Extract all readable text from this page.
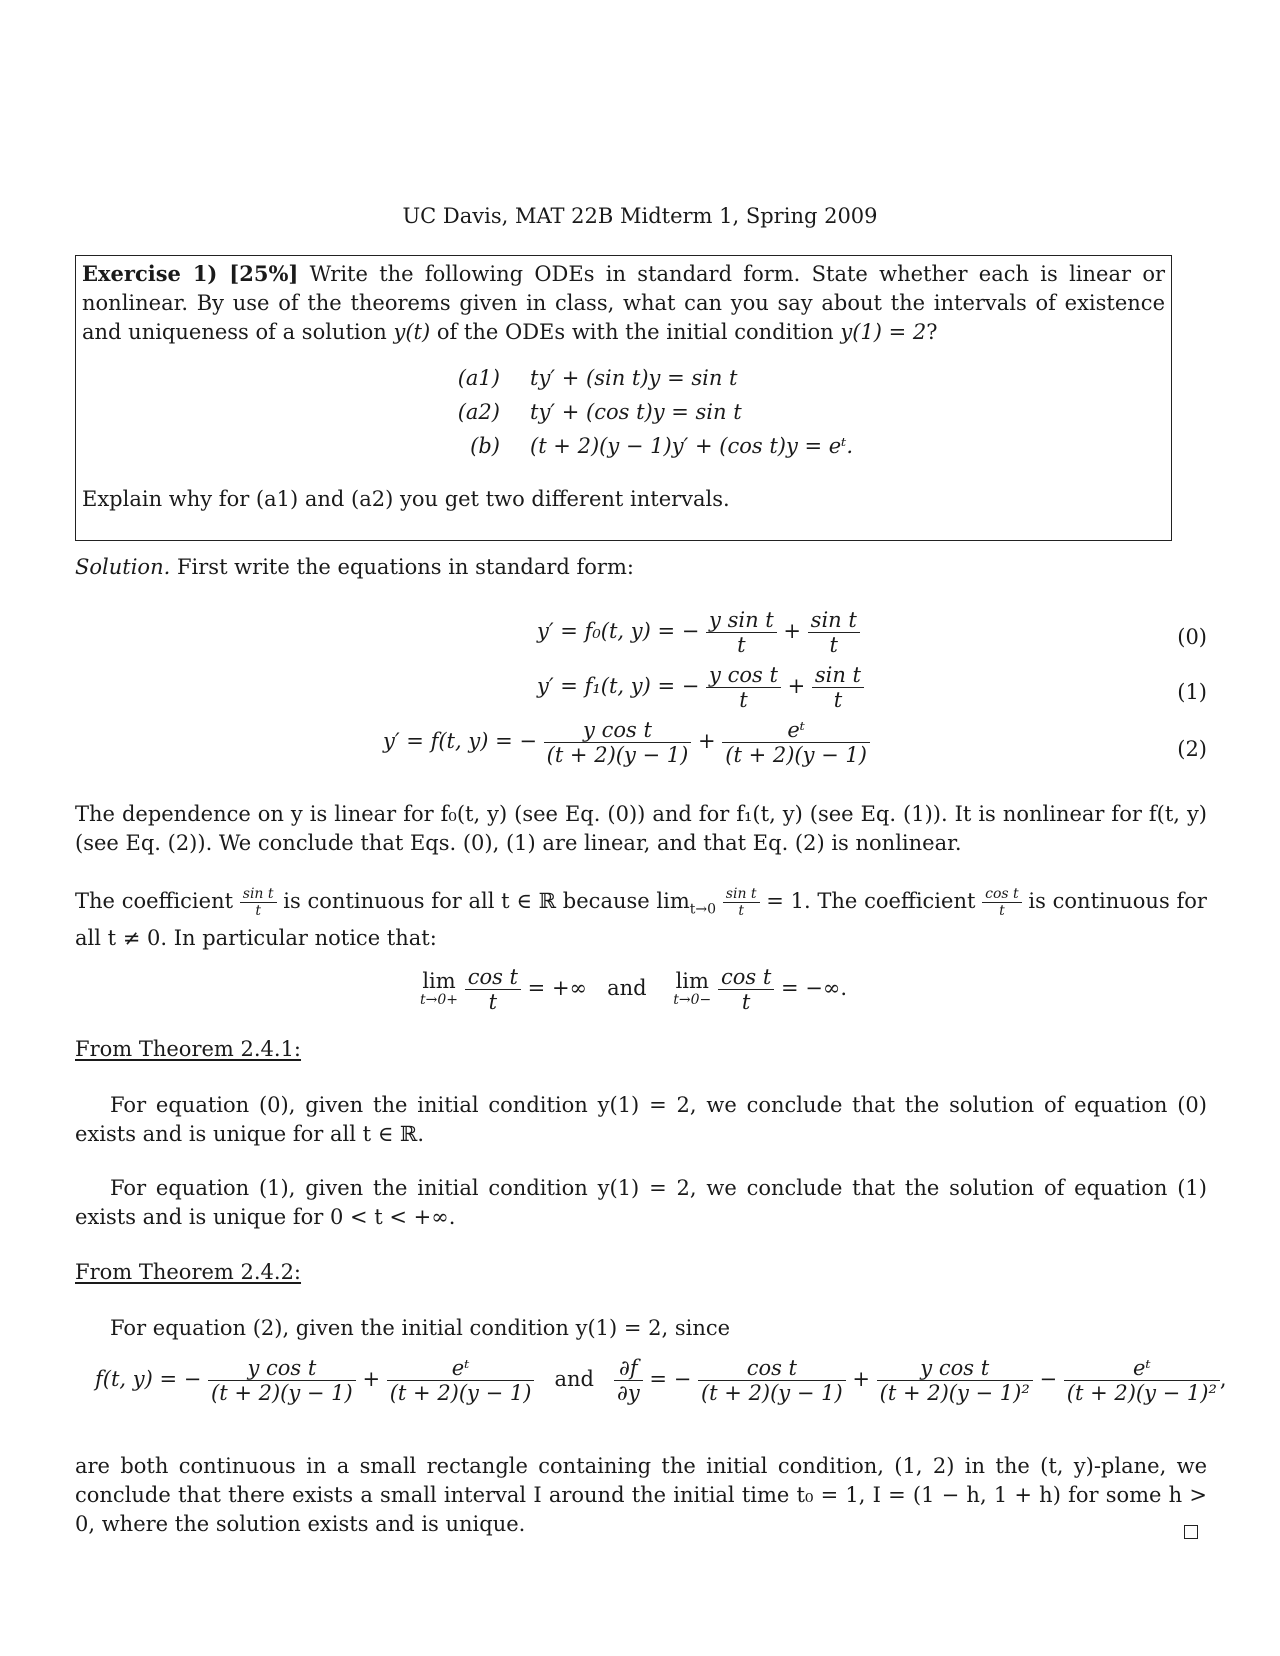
UC Davis, MAT 22B Midterm 1, Spring 2009

Exercise 1) [25%] Write the following ODEs in standard form. State whether each is linear or nonlinear. By use of the theorems given in class, what can you say about the intervals of existence and uniqueness of a solution y(t) of the ODEs with the initial condition y(1) = 2?

(a1)	ty′ + (sin t)y = sin t
(a2)	ty′ + (cos t)y = sin t
(b)	(t + 2)(y − 1)y′ + (cos t)y = eᵗ.
Explain why for (a1) and (a2) you get two different intervals.
Solution. First write the equations in standard form:
y′ = f₀(t, y) = − $\frac{\text{y sin t}}{t} + \frac{\text{sin t}}{t}$	(0)
y′ = f₁(t, y) = − $\frac{\text{y cos t}}{t} + \frac{\text{sin t}}{t}$	(1)
y′ = f(t, y) = − $\frac{\text{y cos t}}{(t + 2)(y - 1)} + \frac{\text{eᵗ}}{(t + 2)(y - 1)}$	(2)
The dependence on y is linear for f₀(t, y) (see Eq. (0)) and for f₁(t, y) (see Eq. (1)). It is nonlinear for f(t, y) (see Eq. (2)). We conclude that Eqs. (0), (1) are linear, and that Eq. (2) is nonlinear.
The coefficient $\frac{\text{sin t}}{t}$ is continuous for all t ∈ ℝ because $\lim_{t\to 0} \frac{\text{sin t}}{t} = 1$. The coefficient $\frac{\text{cos t}}{t}$ is continuous for all t ≠ 0. In particular notice that:
lim
t→0+
$\frac{\text{cos t}}{t}$ = +∞ and lim
t→0−
$\frac{\text{cos t}}{t}$ = −∞.
From Theorem 2.4.1:
For equation (0), given the initial condition y(1) = 2, we conclude that the solution of equation (0) exists and is unique for all t ∈ ℝ.
For equation (1), given the initial condition y(1) = 2, we conclude that the solution of equation (1) exists and is unique for 0 < t < +∞.
From Theorem 2.4.2:
For equation (2), given the initial condition y(1) = 2, since
f(t, y) = − $\frac{\text{y cos t}}{(t + 2)(y - 1)} + \frac{\text{eᵗ}}{(t + 2)(y - 1)}$ and $\frac{\partial f}{\partial y}$ = − $\frac{\text{cos t}}{(t + 2)(y - 1)} + \frac{\text{y cos t}}{\text{(t + 2)(y − 1)²}} - \frac{\text{eᵗ}}{\text{(t + 2)(y − 1)²}}$ ,
are both continuous in a small rectangle containing the initial condition, (1, 2) in the (t, y)-plane, we conclude that there exists a small interval I around the initial time t₀ = 1, I = (1 − h, 1 + h) for some h > 0, where the solution exists and is unique.
